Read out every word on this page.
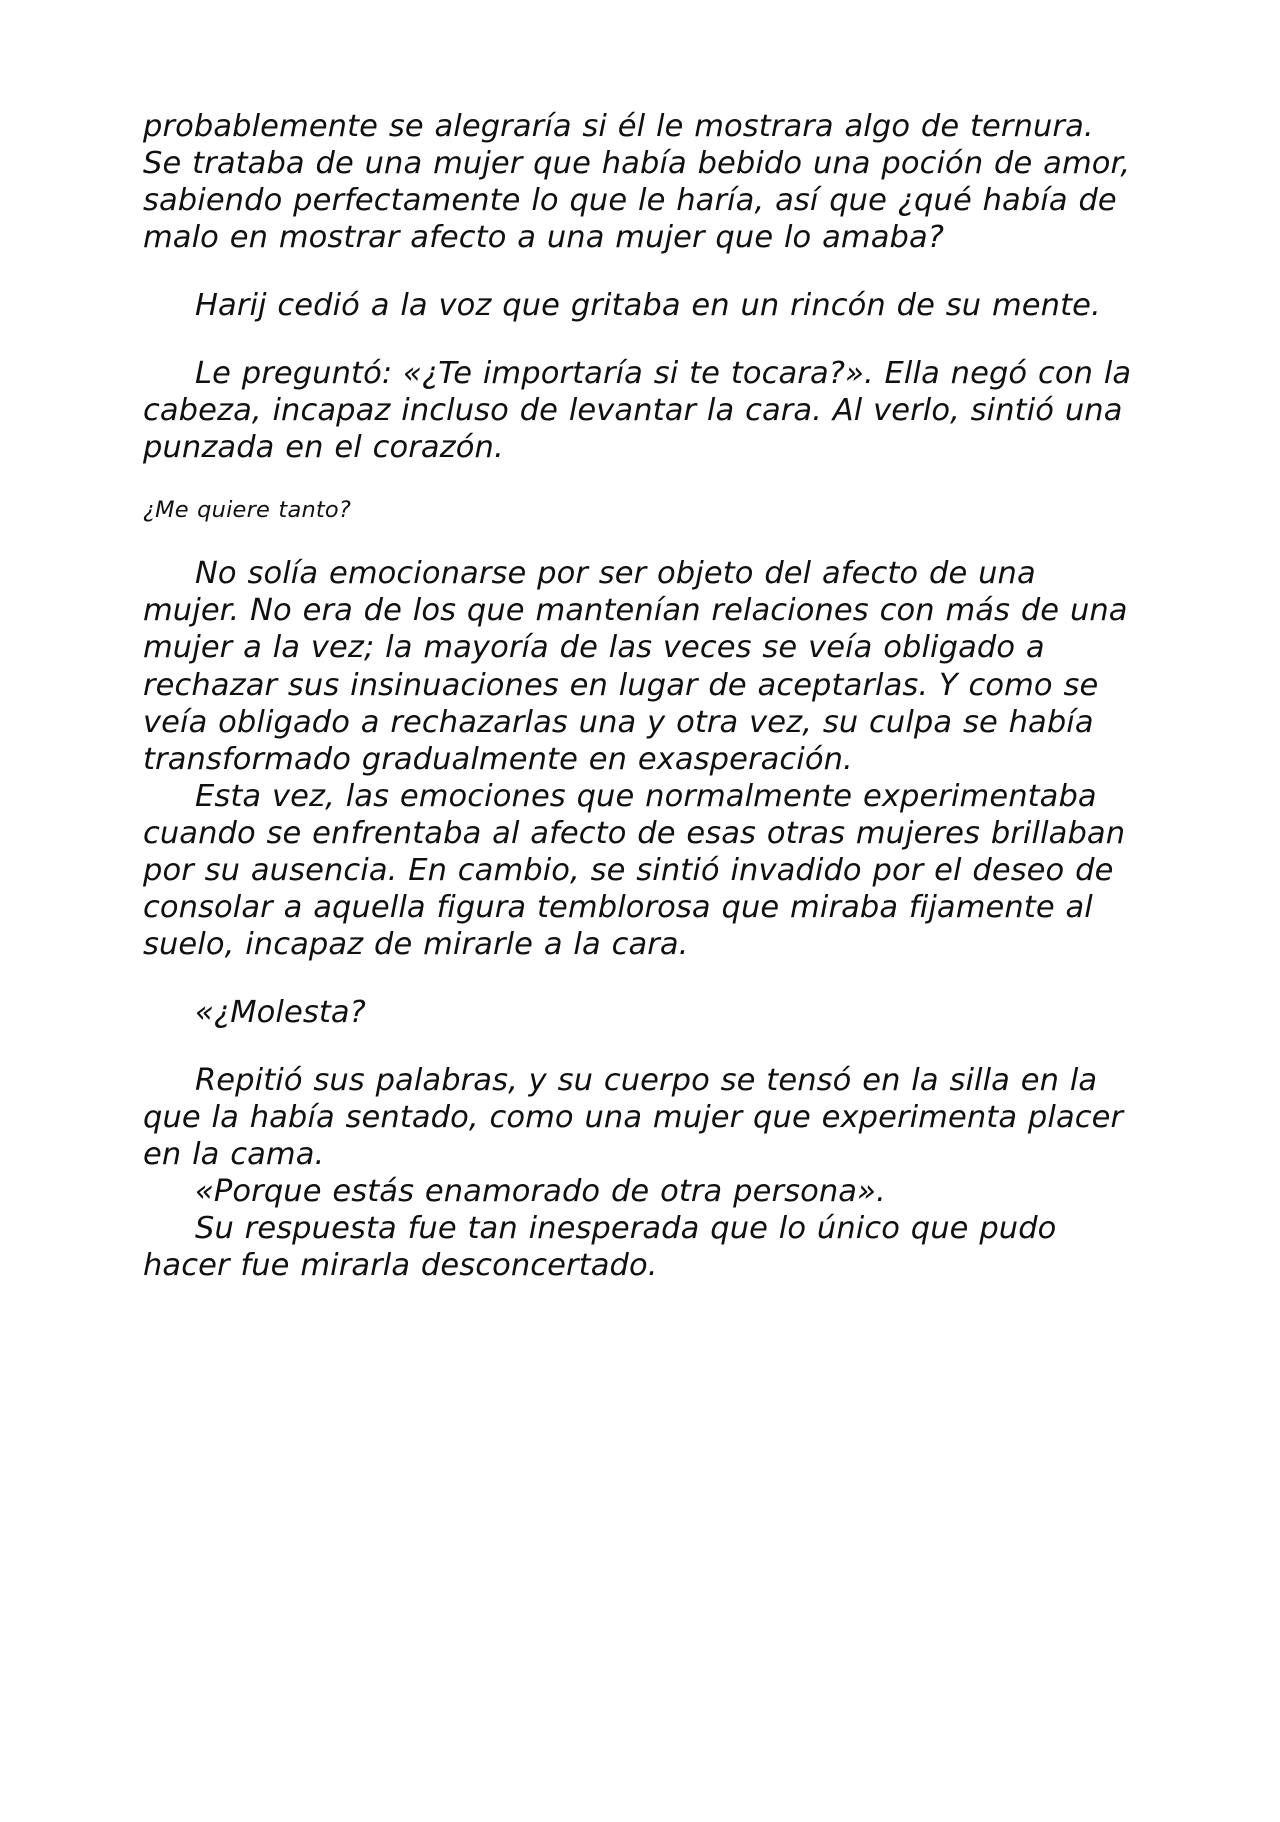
probablemente se alegraría si él le mostrara algo de ternura. Se trataba de una mujer que había bebido una poción de amor, sabiendo perfectamente lo que le haría, así que ¿qué había de malo en mostrar afecto a una mujer que lo amaba?

Harij cedió a la voz que gritaba en un rincón de su mente.

Le preguntó: «¿Te importaría si te tocara?». Ella negó con la cabeza, incapaz incluso de levantar la cara. Al verlo, sintió una punzada en el corazón.

¿Me quiere tanto?

No solía emocionarse por ser objeto del afecto de una mujer. No era de los que mantenían relaciones con más de una mujer a la vez; la mayoría de las veces se veía obligado a rechazar sus insinuaciones en lugar de aceptarlas. Y como se veía obligado a rechazarlas una y otra vez, su culpa se había transformado gradualmente en exasperación.

Esta vez, las emociones que normalmente experimentaba cuando se enfrentaba al afecto de esas otras mujeres brillaban por su ausencia. En cambio, se sintió invadido por el deseo de consolar a aquella figura temblorosa que miraba fijamente al suelo, incapaz de mirarle a la cara.

«¿Molesta?

Repitió sus palabras, y su cuerpo se tensó en la silla en la que la había sentado, como una mujer que experimenta placer en la cama.

«Porque estás enamorado de otra persona».

Su respuesta fue tan inesperada que lo único que pudo hacer fue mirarla desconcertado.
